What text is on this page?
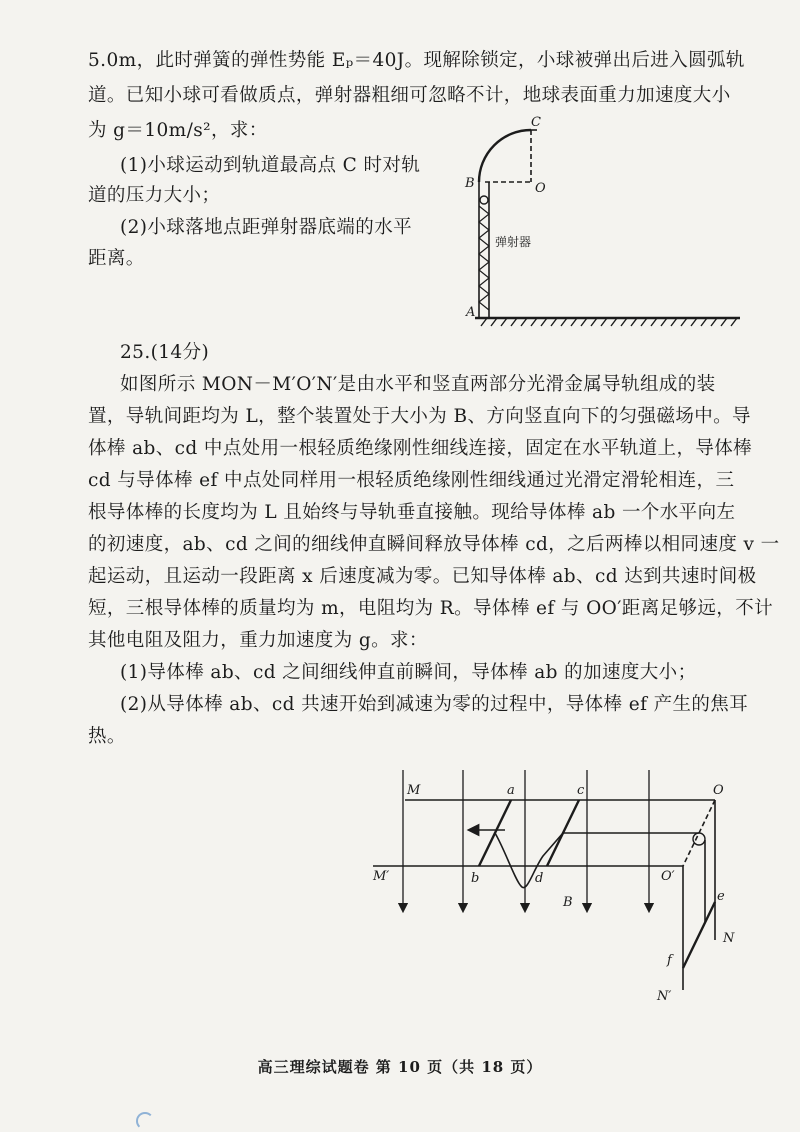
5.0m，此时弹簧的弹性势能 Eₚ＝40J。现解除锁定，小球被弹出后进入圆弧轨
道。已知小球可看做质点，弹射器粗细可忽略不计，地球表面重力加速度大小
为 g＝10m/s²，求：
(1)小球运动到轨道最高点 C 时对轨
道的压力大小；
(2)小球落地点距弹射器底端的水平
距离。
C
B	O
A
弹射器
25.(14分)
如图所示 MON－M′O′N′是由水平和竖直两部分光滑金属导轨组成的装
置，导轨间距均为 L，整个装置处于大小为 B、方向竖直向下的匀强磁场中。导
体棒 ab、cd 中点处用一根轻质绝缘刚性细线连接，固定在水平轨道上，导体棒
cd 与导体棒 ef 中点处同样用一根轻质绝缘刚性细线通过光滑定滑轮相连，三
根导体棒的长度均为 L 且始终与导轨垂直接触。现给导体棒 ab 一个水平向左
的初速度，ab、cd 之间的细线伸直瞬间释放导体棒 cd，之后两棒以相同速度 v 一
起运动，且运动一段距离 x 后速度减为零。已知导体棒 ab、cd 达到共速时间极
短，三根导体棒的质量均为 m，电阻均为 R。导体棒 ef 与 OO′距离足够远，不计
其他电阻及阻力，重力加速度为 g。求：
(1)导体棒 ab、cd 之间细线伸直前瞬间，导体棒 ab 的加速度大小；
(2)从导体棒 ab、cd 共速开始到减速为零的过程中，导体棒 ef 产生的焦耳
热。
M
M′
O
O′
a
b
c
d
e
f
N
N′
B
高三理综试题卷 第 10 页（共 18 页）
